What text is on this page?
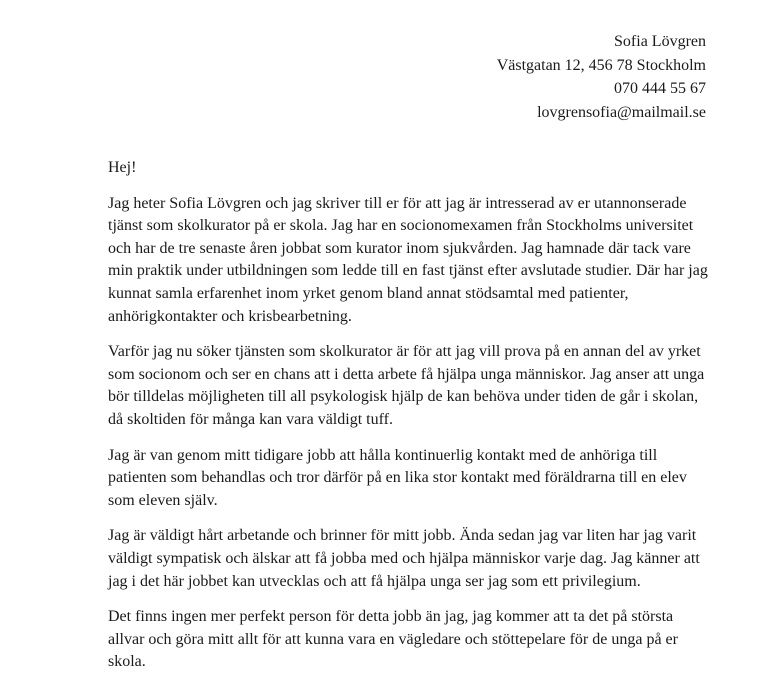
Sofia Lövgren
Västgatan 12, 456 78 Stockholm
070 444 55 67
lovgrensofia@mailmail.se

Hej!

Jag heter Sofia Lövgren och jag skriver till er för att jag är intresserad av er utannonserade tjänst som skolkurator på er skola. Jag har en socionomexamen från Stockholms universitet och har de tre senaste åren jobbat som kurator inom sjukvården. Jag hamnade där tack vare min praktik under utbildningen som ledde till en fast tjänst efter avslutade studier. Där har jag kunnat samla erfarenhet inom yrket genom bland annat stödsamtal med patienter, anhörigkontakter och krisbearbetning.

Varför jag nu söker tjänsten som skolkurator är för att jag vill prova på en annan del av yrket som socionom och ser en chans att i detta arbete få hjälpa unga människor. Jag anser att unga bör tilldelas möjligheten till all psykologisk hjälp de kan behöva under tiden de går i skolan, då skoltiden för många kan vara väldigt tuff.

Jag är van genom mitt tidigare jobb att hålla kontinuerlig kontakt med de anhöriga till patienten som behandlas och tror därför på en lika stor kontakt med föräldrarna till en elev som eleven själv.

Jag är väldigt hårt arbetande och brinner för mitt jobb. Ända sedan jag var liten har jag varit väldigt sympatisk och älskar att få jobba med och hjälpa människor varje dag. Jag känner att jag i det här jobbet kan utvecklas och att få hjälpa unga ser jag som ett privilegium.

Det finns ingen mer perfekt person för detta jobb än jag, jag kommer att ta det på största allvar och göra mitt allt för att kunna vara en vägledare och stöttepelare för de unga på er skola.
